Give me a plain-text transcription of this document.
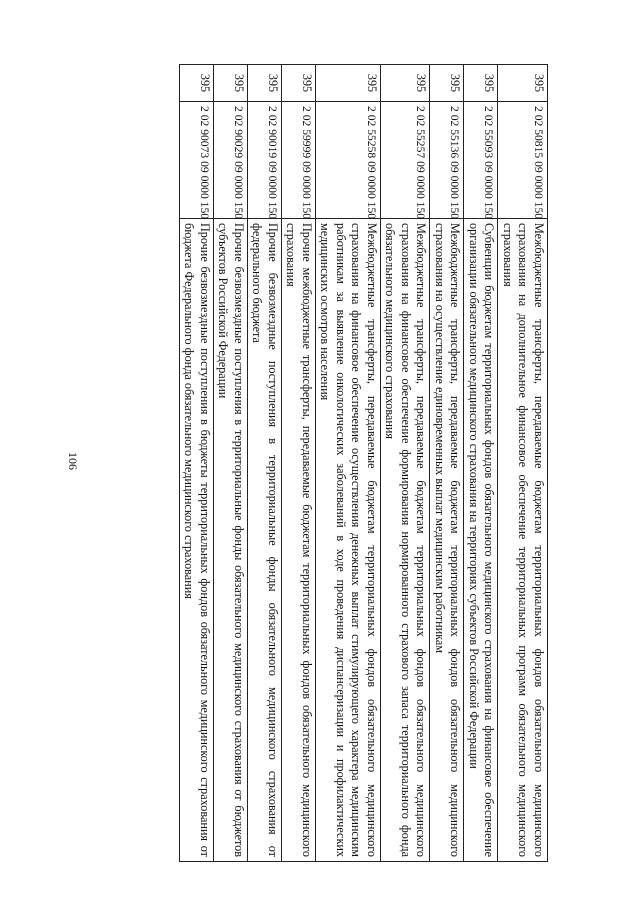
106
395	2 02 50815 09 0000 150	Межбюджетные трансферты, передаваемые бюджетам территориальных фондов обязательного медицинского страхования на дополнительное финансовое обеспечение территориальных программ обязательного медицинского страхования
395	2 02 55093 09 0000 150	Субвенции бюджетам территориальных фондов обязательного медицинского страхования на финансовое обеспечение организации обязательного медицинского страхования на территориях субъектов Российской Федерации
395	2 02 55136 09 0000 150	Межбюджетные трансферты, передаваемые бюджетам территориальных фондов обязательного медицинского страхования на осуществление единовременных выплат медицинским работникам
395	2 02 55257 09 0000 150	Межбюджетные трансферты, передаваемые бюджетам территориальных фондов обязательного медицинского страхования на финансовое обеспечение формирования нормированного страхового запаса территориального фонда обязательного медицинского страхования
395	2 02 55258 09 0000 150	Межбюджетные трансферты, передаваемые бюджетам территориальных фондов обязательного медицинского страхования на финансовое обеспечение осуществления денежных выплат стимулирующего характера медицинским работникам за выявление онкологических заболеваний в ходе проведения диспансеризации и профилактических медицинских осмотров населения
395	2 02 59999 09 0000 150	Прочие межбюджетные трансферты, передаваемые бюджетам территориальных фондов обязательного медицинского страхования
395	2 02 90019 09 0000 150	Прочие безвозмездные поступления в территориальные фонды обязательного медицинского страхования от федерального бюджета
395	2 02 90029 09 0000 150	Прочие безвозмездные поступления в территориальные фонды обязательного медицинского страхования от бюджетов субъектов Российской Федерации
395	2 02 90073 09 0000 150	Прочие безвозмездные поступления в бюджеты территориальных фондов обязательного медицинского страхования от бюджета Федерального фонда обязательного медицинского страхования
